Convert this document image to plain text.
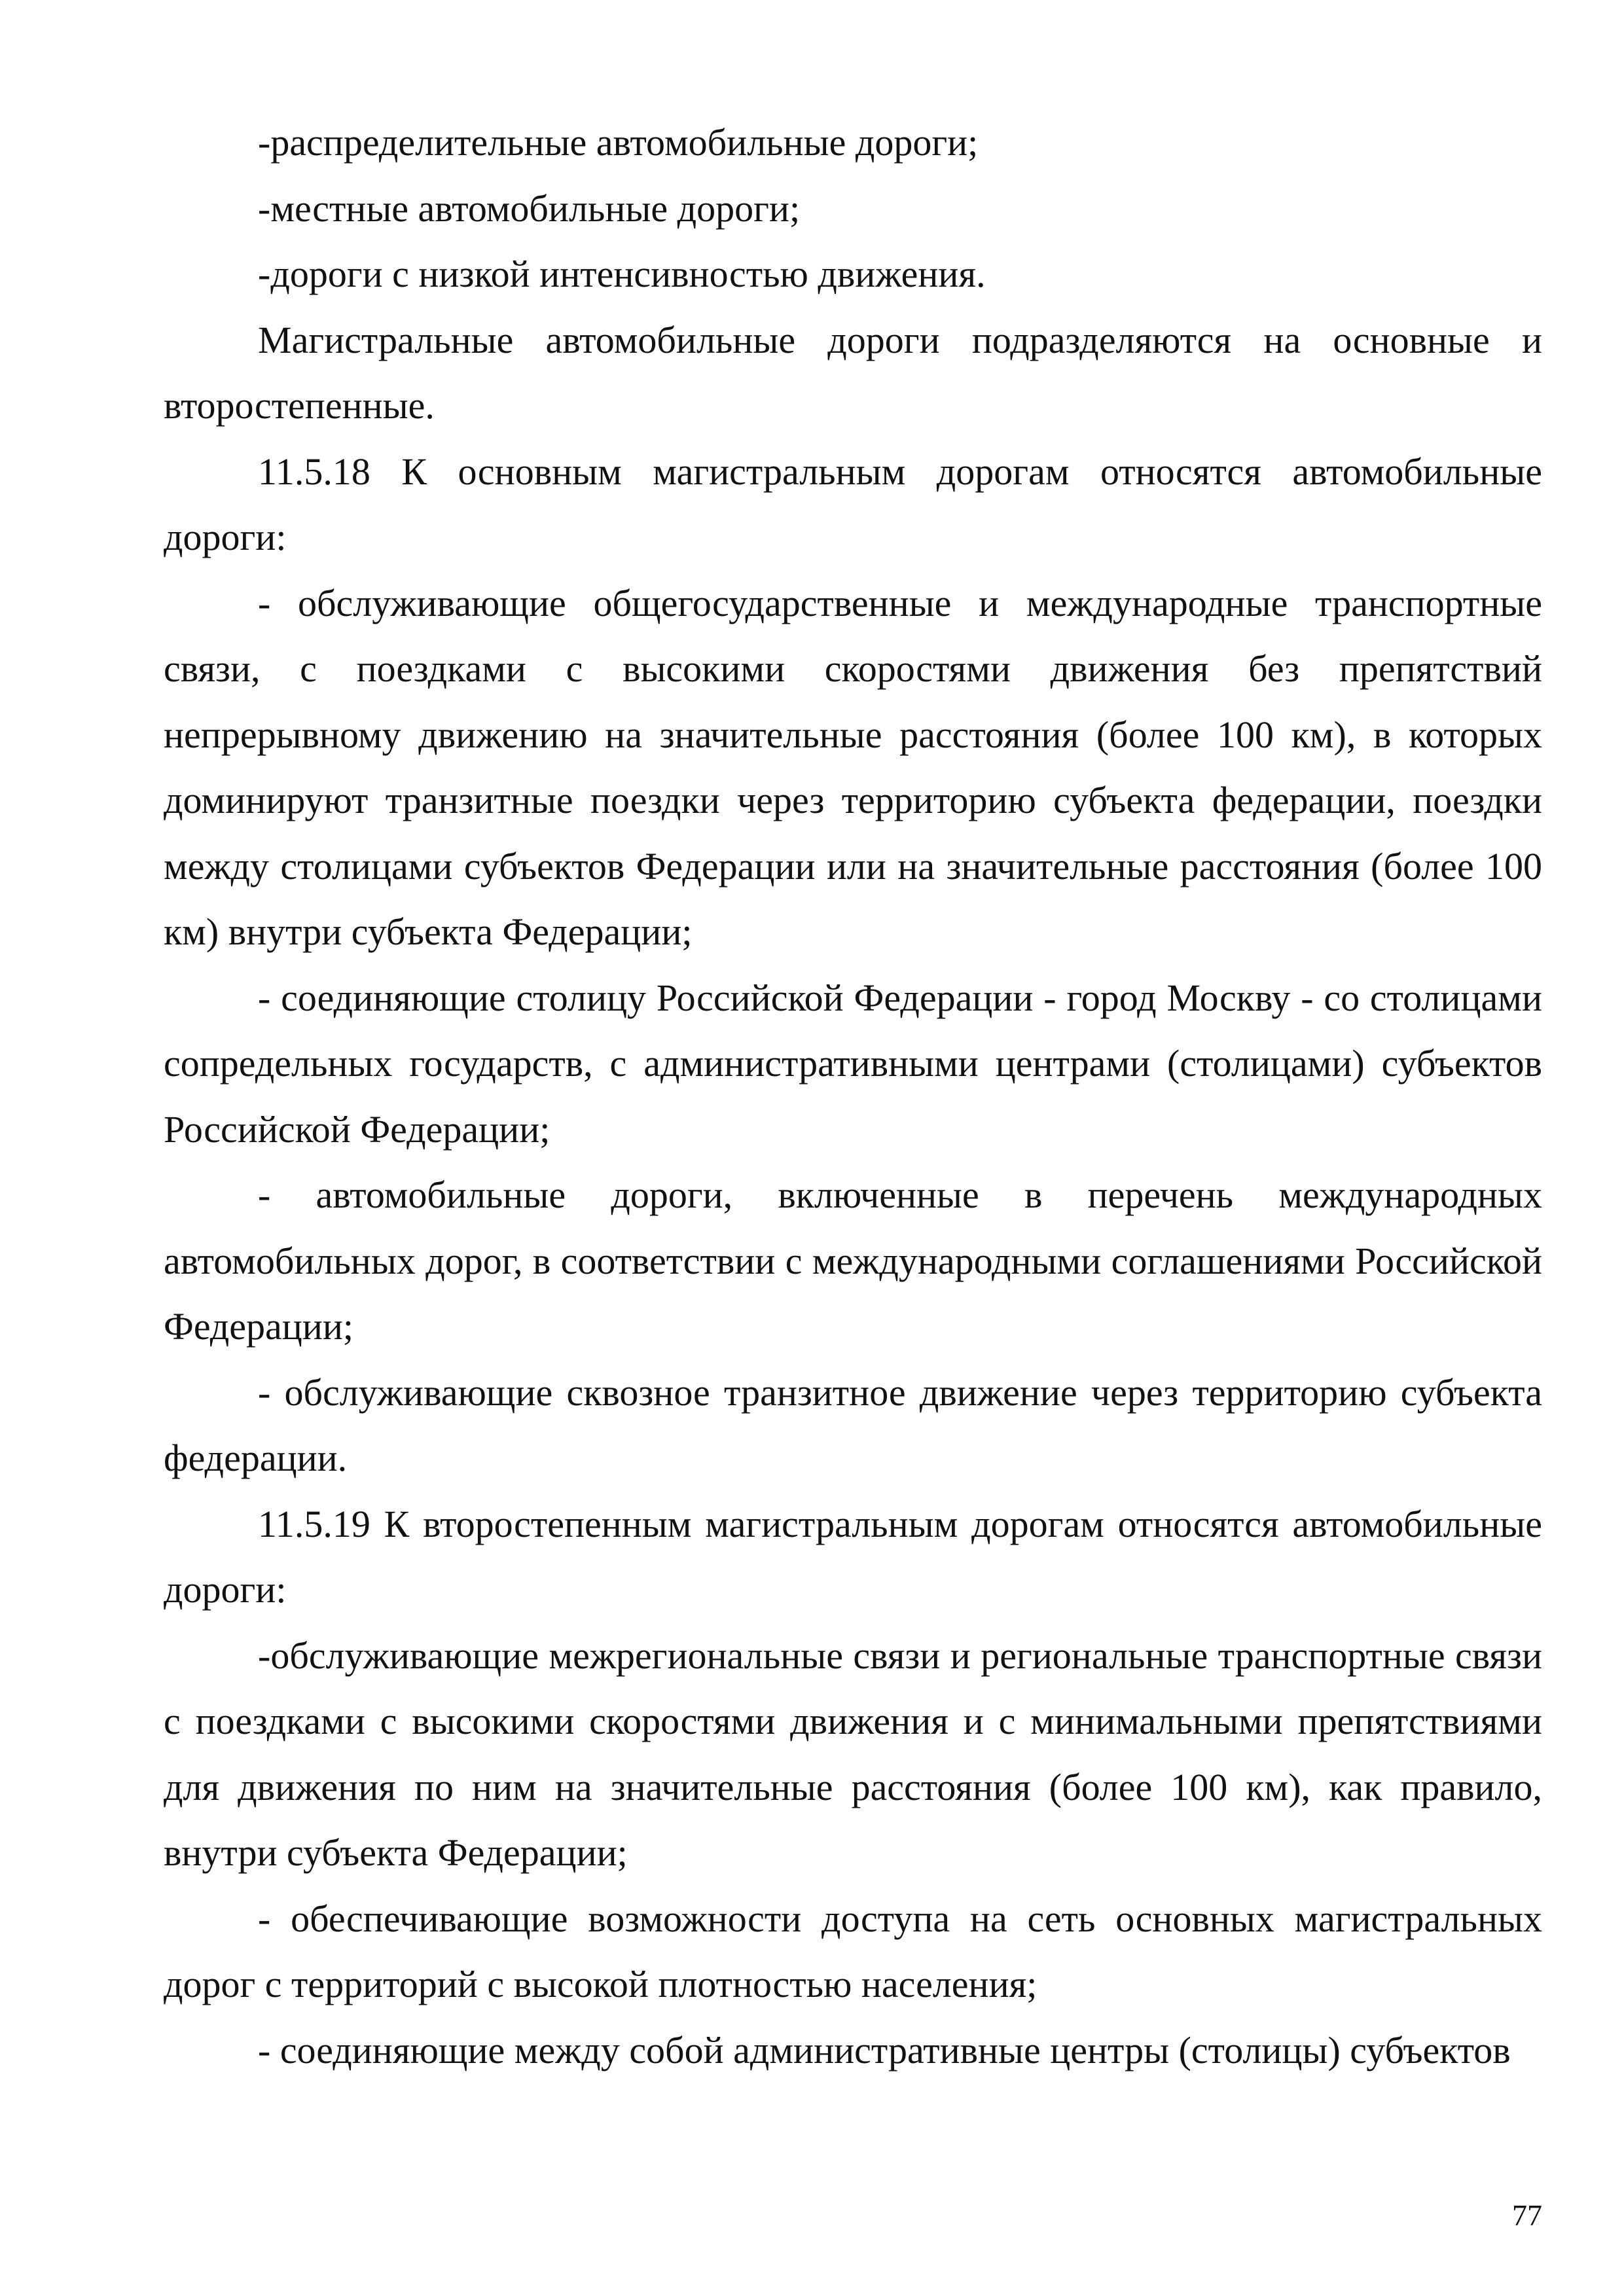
-распределительные автомобильные дороги;

-местные автомобильные дороги;

-дороги с низкой интенсивностью движения.

Магистральные автомобильные дороги подразделяются на основные и второстепенные.

11.5.18 К основным магистральным дорогам относятся автомобильные дороги:

- обслуживающие общегосударственные и международные транспортные связи, с поездками с высокими скоростями движения без препятствий непрерывному движению на значительные расстояния (более 100 км), в которых доминируют транзитные поездки через территорию субъекта федерации, поездки между столицами субъектов Федерации или на значительные расстояния (более 100 км) внутри субъекта Федерации;

- соединяющие столицу Российской Федерации - город Москву - со столицами сопредельных государств, с административными центрами (столицами) субъектов Российской Федерации;

- автомобильные дороги, включенные в перечень международных автомобильных дорог, в соответствии с международными соглашениями Российской Федерации;

- обслуживающие сквозное транзитное движение через территорию субъекта федерации.

11.5.19 К второстепенным магистральным дорогам относятся автомобильные дороги:

-обслуживающие межрегиональные связи и региональные транспортные связи с поездками с высокими скоростями движения и с минимальными препятствиями для движения по ним на значительные расстояния (более 100 км), как правило, внутри субъекта Федерации;

- обеспечивающие возможности доступа на сеть основных магистральных дорог с территорий с высокой плотностью населения;

- соединяющие между собой административные центры (столицы) субъектов

77
